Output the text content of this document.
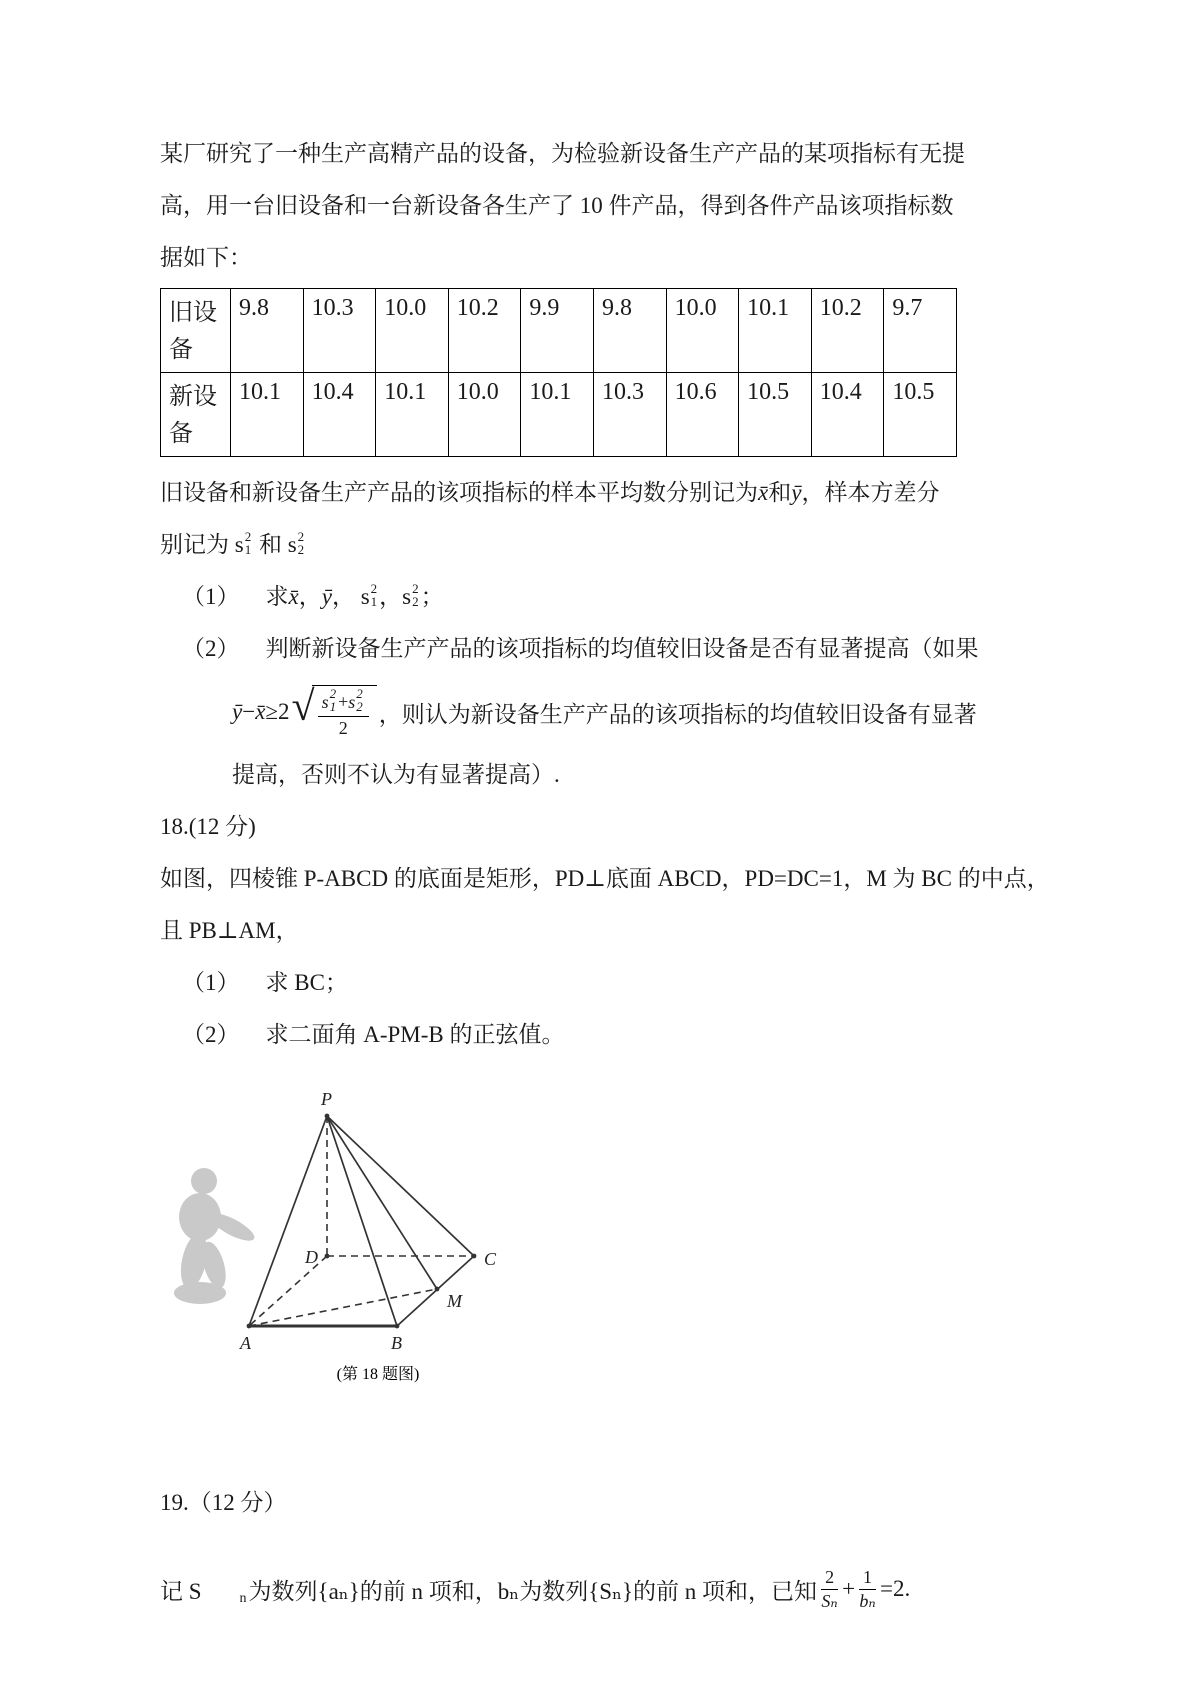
某厂研究了一种生产高精产品的设备，为检验新设备生产产品的某项指标有无提
高，用一台旧设备和一台新设备各生产了 10 件产品，得到各件产品该项指标数
据如下：
旧设备	9.8	10.3	10.0	10.2	9.9	9.8	10.0	10.1	10.2	9.7
新设备	10.1	10.4	10.1	10.0	10.1	10.3	10.6	10.5	10.4	10.5
旧设备和新设备生产产品的该项指标的样本平均数分别记为x̄和ȳ，样本方差分
别记为 s 2
1 和 s 2
2
（1） 求x̄，ȳ， s 2
1 ， s 2
2 ；
（2） 判断新设备生产产品的该项指标的均值较旧设备是否有显著提高（如果
ȳ − x̄ ≥2 √ s 2
1 + s 2
2
2 ，则认为新设备生产产品的该项指标的均值较旧设备有显著
提高，否则不认为有显著提高）.
18.(12 分)
如图，四棱锥 P-ABCD 的底面是矩形，PD⊥底面 ABCD，PD=DC=1，M 为 BC 的中点，
且 PB⊥AM，
（1） 求 BC；
（2） 求二面角 A-PM-B 的正弦值。
P
D	C
M
A	B
(第 18 题图)
19.（12 分）
记 S	n 为数列{aₙ}的前 n 项和，bₙ为数列{Sₙ}的前 n 项和，已知 $\frac{2}{\text{Sₙ}} + \frac{1}{\text{bₙ}} =2$.
